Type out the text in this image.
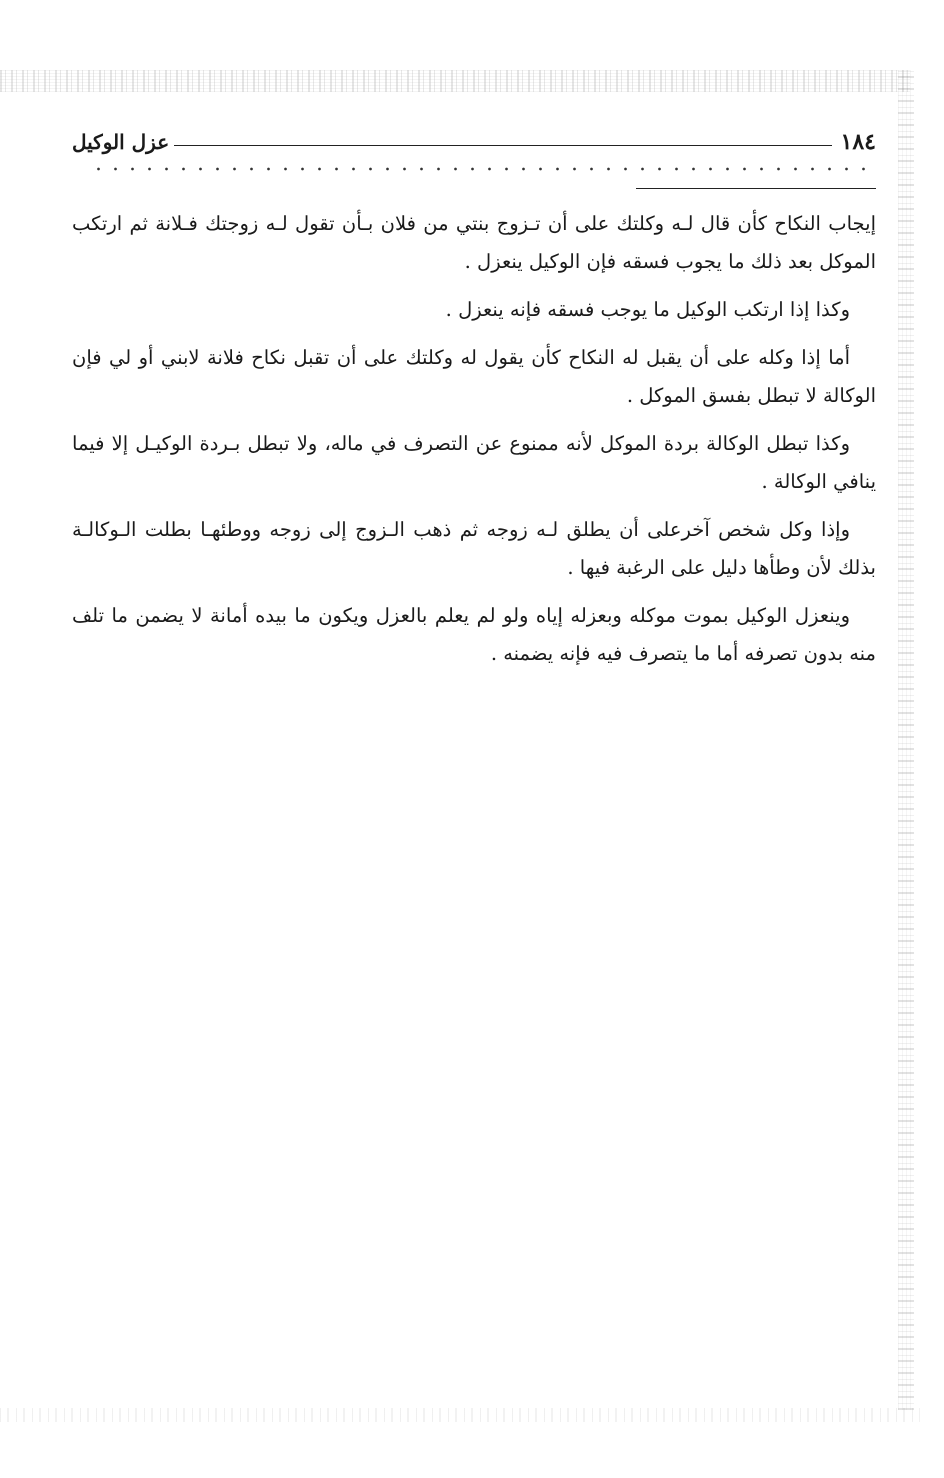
١٨٤
عزل الوكيل

إيجاب النكاح كأن قال لـه وكلتك على أن تـزوج بنتي من فلان بـأن تقول لـه زوجتك فـلانة ثم ارتكب الموكل بعد ذلك ما يجوب فسقه فإن الوكيل ينعزل .

وكذا إذا ارتكب الوكيل ما يوجب فسقه فإنه ينعزل .

أما إذا وكله على أن يقبل له النكاح كأن يقول له وكلتك على أن تقبل نكاح فلانة لابني أو لي فإن الوكالة لا تبطل بفسق الموكل .

وكذا تبطل الوكالة بردة الموكل لأنه ممنوع عن التصرف في ماله، ولا تبطل بـردة الوكيـل إلا فيما ينافي الوكالة .

وإذا وكل شخص آخرعلى أن يطلق لـه زوجه ثم ذهب الـزوج إلى زوجه ووطئهـا بطلت الـوكالـة بذلك لأن وطأها دليل على الرغبة فيها .

وينعزل الوكيل بموت موكله وبعزله إياه ولو لم يعلم بالعزل ويكون ما بيده أمانة لا يضمن ما تلف منه بدون تصرفه أما ما يتصرف فيه فإنه يضمنه .
